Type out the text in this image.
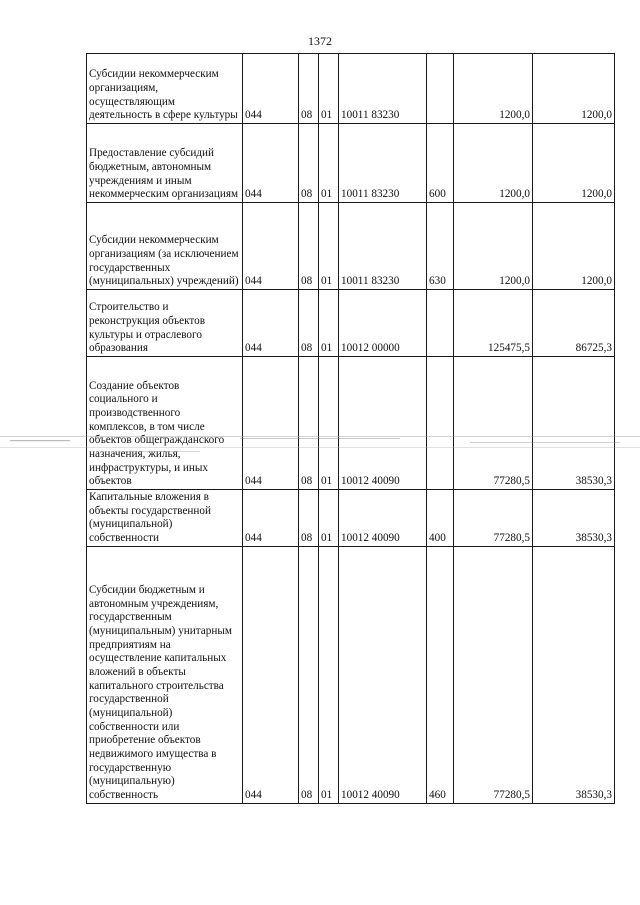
1372
Субсидии некоммерческим организациям, осуществляющим деятельность в сфере культуры	044	08	01	10011 83230		1200,0	1200,0
Предоставление субсидий бюджетным, автономным учреждениям и иным некоммерческим организациям	044	08	01	10011 83230	600	1200,0	1200,0
Субсидии некоммерческим организациям (за исключением государственных (муниципальных) учреждений)	044	08	01	10011 83230	630	1200,0	1200,0
Строительство и реконструкция объектов культуры и отраслевого образования	044	08	01	10012 00000		125475,5	86725,3
Создание объектов социального и производственного комплексов, в том числе объектов общегражданского назначения, жилья, инфраструктуры, и иных объектов	044	08	01	10012 40090		77280,5	38530,3
Капитальные вложения в объекты государственной (муниципальной) собственности	044	08	01	10012 40090	400	77280,5	38530,3
Субсидии бюджетным и автономным учреждениям, государственным (муниципальным) унитарным предприятиям на осуществление капитальных вложений в объекты капитального строительства государственной (муниципальной) собственности или приобретение объектов недвижимого имущества в государственную (муниципальную) собственность	044	08	01	10012 40090	460	77280,5	38530,3
